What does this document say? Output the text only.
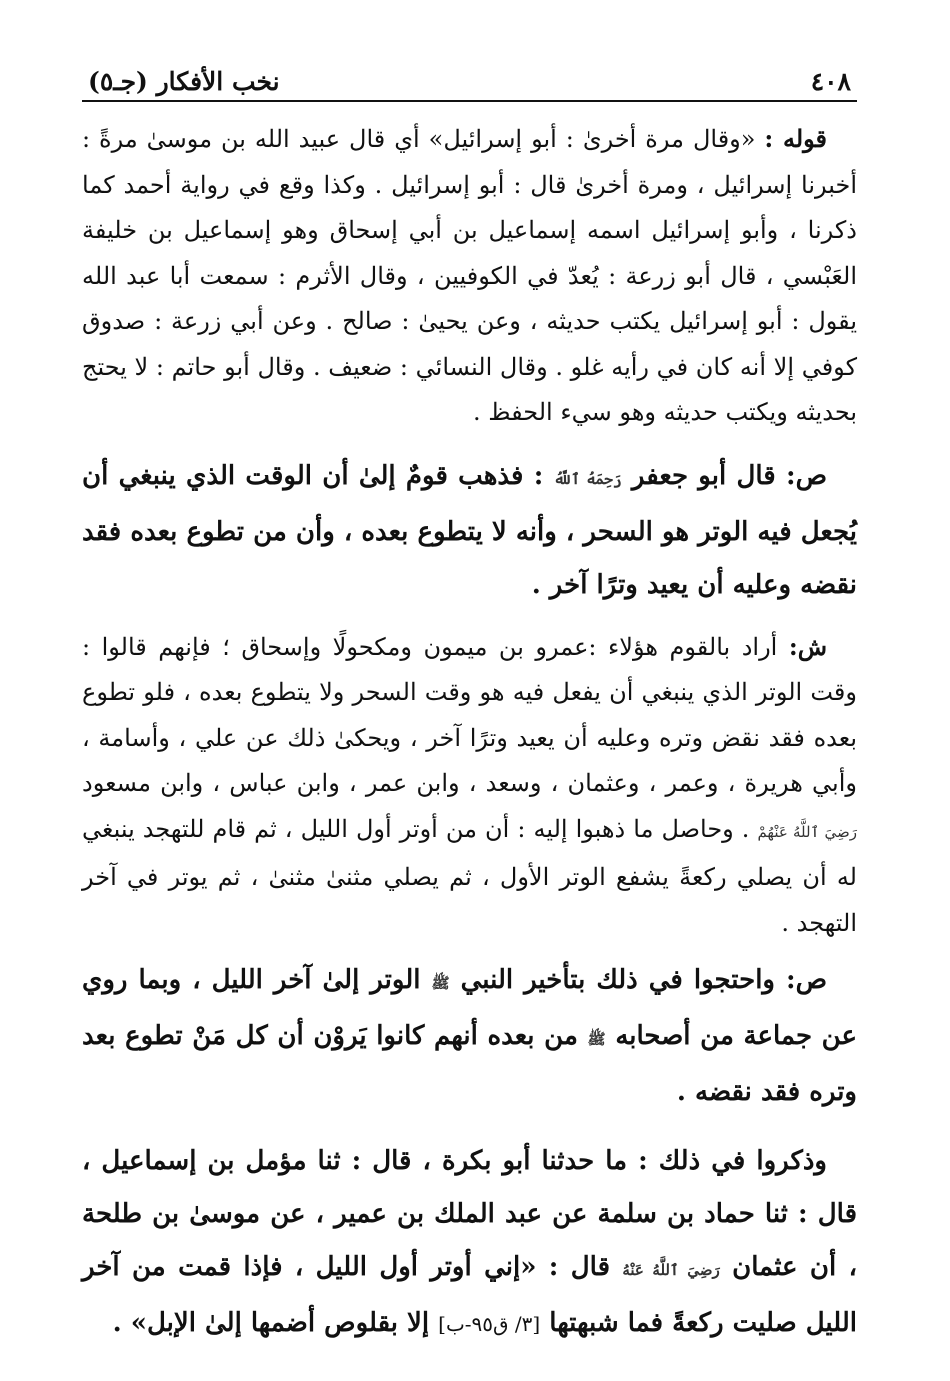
٤٠٨
نخب الأفكار (جـ٥)

قوله : «وقال مرة أخرىٰ : أبو إسرائيل» أي قال عبيد الله بن موسىٰ مرةً : أخبرنا إسرائيل ، ومرة أخرىٰ قال : أبو إسرائيل . وكذا وقع في رواية أحمد كما ذكرنا ، وأبو إسرائيل اسمه إسماعيل بن أبي إسحاق وهو إسماعيل بن خليفة العَبْسي ، قال أبو زرعة : يُعدّ في الكوفيين ، وقال الأثرم : سمعت أبا عبد الله يقول : أبو إسرائيل يكتب حديثه ، وعن يحيىٰ : صالح . وعن أبي زرعة : صدوق كوفي إلا أنه كان في رأيه غلو . وقال النسائي : ضعيف . وقال أبو حاتم : لا يحتج بحديثه ويكتب حديثه وهو سيء الحفظ .

ص: قال أبو جعفر رَحِمَهُ ٱللَّهُ : فذهب قومٌ إلىٰ أن الوقت الذي ينبغي أن يُجعل فيه الوتر هو السحر ، وأنه لا يتطوع بعده ، وأن من تطوع بعده فقد نقضه وعليه أن يعيد وترًا آخر .

ش: أراد بالقوم هؤلاء :عمرو بن ميمون ومكحولًا وإسحاق ؛ فإنهم قالوا : وقت الوتر الذي ينبغي أن يفعل فيه هو وقت السحر ولا يتطوع بعده ، فلو تطوع بعده فقد نقض وتره وعليه أن يعيد وترًا آخر ، ويحكىٰ ذلك عن علي ، وأسامة ، وأبي هريرة ، وعمر ، وعثمان ، وسعد ، وابن عمر ، وابن عباس ، وابن مسعود رَضِيَ ٱللَّهُ عَنْهُمْ . وحاصل ما ذهبوا إليه : أن من أوتر أول الليل ، ثم قام للتهجد ينبغي له أن يصلي ركعةً يشفع الوتر الأول ، ثم يصلي مثنىٰ مثنىٰ ، ثم يوتر في آخر التهجد .

ص: واحتجوا في ذلك بتأخير النبي ﷺ الوتر إلىٰ آخر الليل ، وبما روي عن جماعة من أصحابه ﷺ من بعده أنهم كانوا يَروْن أن كل مَنْ تطوع بعد وتره فقد نقضه .

وذكروا في ذلك : ما حدثنا أبو بكرة ، قال : ثنا مؤمل بن إسماعيل ، قال : ثنا حماد بن سلمة عن عبد الملك بن عمير ، عن موسىٰ بن طلحة ، أن عثمان رَضِيَ ٱللَّهُ عَنْهُ قال : «إني أوتر أول الليل ، فإذا قمت من آخر الليل صليت ركعةً فما شبهتها [٣/ ق٩٥-ب] إلا بقلوص أضمها إلىٰ الإبل» .
